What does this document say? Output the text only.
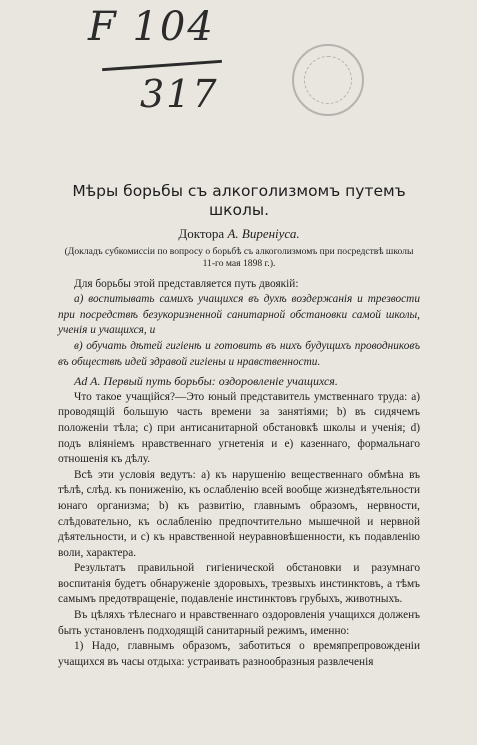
F 104
317
Мѣры борьбы съ алкоголизмомъ путемъ школы.
Доктора А. Виренiуса.
(Докладъ субкомиссiи по вопросу о борьбѣ съ алкоголизмомъ при посредствѣ школы 11-го мая 1898 г.).

Для борьбы этой представляется путь двоякiй:

а) воспитывать самихъ учащихся въ духѣ воздержанiя и трезвости при посредствѣ безукоризненной санитарной обстановки самой школы, ученiя и учащихся, и

в) обучать дѣтей гигiенѣ и готовить въ нихъ будущихъ проводниковъ въ обществѣ идей здравой гигiены и нравственности.

Ad A. Первый путь борьбы: оздоровленiе учащихся.

Что такое учащiйся?—Это юный представитель умственнаго труда: а) проводящiй большую часть времени за занятiями; b) въ сидячемъ положенiи тѣла; с) при антисанитарной обстановкѣ школы и ученiя; d) подъ влiянiемъ нравственнаго угнетенiя и е) казеннаго, формальнаго отношенiя къ дѣлу.

Всѣ эти условiя ведутъ: а) къ нарушенiю вещественнаго обмѣна въ тѣлѣ, слѣд. къ пониженiю, къ ослабленiю всей вообще жизнедѣятельности юнаго организма; b) къ развитiю, главнымъ образомъ, нервности, слѣдовательно, къ ослабленiю предпочтительно мышечной и нервной дѣятельности, и с) къ нравственной неуравновѣшенности, къ подавленiю воли, характера.

Результатъ правильной гигiенической обстановки и разумнаго воспитанiя будетъ обнаруженiе здоровыхъ, трезвыхъ инстинктовъ, а тѣмъ самымъ предотвращенiе, подавленiе инстинктовъ грубыхъ, животныхъ.

Въ цѣляхъ тѣлеснаго и нравственнаго оздоровленiя учащихся долженъ быть установленъ подходящiй санитарный режимъ, именно:

1) Надо, главнымъ образомъ, заботиться о времяпрепровожденiи учащихся въ часы отдыха: устраивать разнообразныя развлеченiя
